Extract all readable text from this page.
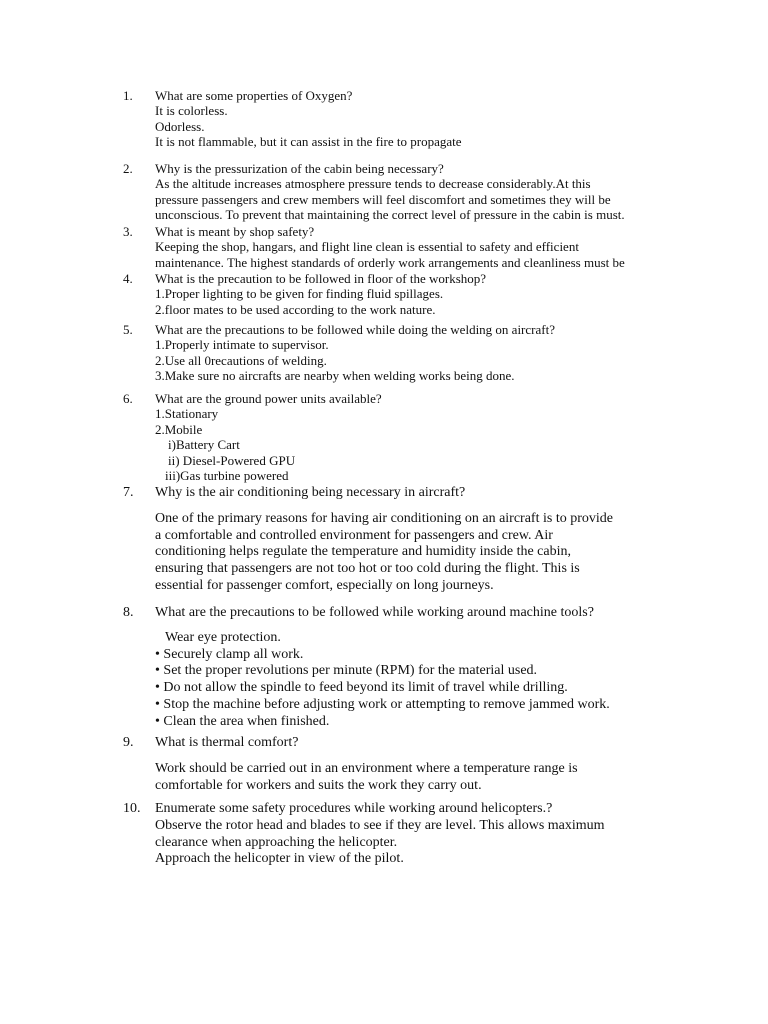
1. What are some properties of Oxygen?
It is colorless.
Odorless.
It is not flammable, but it can assist in the fire to propagate
2. Why is the pressurization of the cabin being necessary?
As the altitude increases atmosphere pressure tends to decrease considerably.At this
pressure passengers and crew members will feel discomfort and sometimes they will be
unconscious. To prevent that maintaining the correct level of pressure in the cabin is must.
3. What is meant by shop safety?
Keeping the shop, hangars, and flight line clean is essential to safety and efficient
maintenance. The highest standards of orderly work arrangements and cleanliness must be
4. What is the precaution to be followed in floor of the workshop?
1.Proper lighting to be given for finding fluid spillages.
2.floor mates to be used according to the work nature.
5. What are the precautions to be followed while doing the welding on aircraft?
1.Properly intimate to supervisor.
2.Use all 0recautions of welding.
3.Make sure no aircrafts are nearby when welding works being done.
6. What are the ground power units available?
1.Stationary
2.Mobile
i)Battery Cart
ii) Diesel-Powered GPU
iii)Gas turbine powered
7. Why is the air conditioning being necessary in aircraft?
One of the primary reasons for having air conditioning on an aircraft is to provide
a comfortable and controlled environment for passengers and crew. Air
conditioning helps regulate the temperature and humidity inside the cabin,
ensuring that passengers are not too hot or too cold during the flight. This is
essential for passenger comfort, especially on long journeys.
8. What are the precautions to be followed while working around machine tools?
Wear eye protection.
• Securely clamp all work.
• Set the proper revolutions per minute (RPM) for the material used.
• Do not allow the spindle to feed beyond its limit of travel while drilling.
• Stop the machine before adjusting work or attempting to remove jammed work.
• Clean the area when finished.
9. What is thermal comfort?
Work should be carried out in an environment where a temperature range is
comfortable for workers and suits the work they carry out.
10. Enumerate some safety procedures while working around helicopters.?
Observe the rotor head and blades to see if they are level. This allows maximum
clearance when approaching the helicopter.
Approach the helicopter in view of the pilot.
